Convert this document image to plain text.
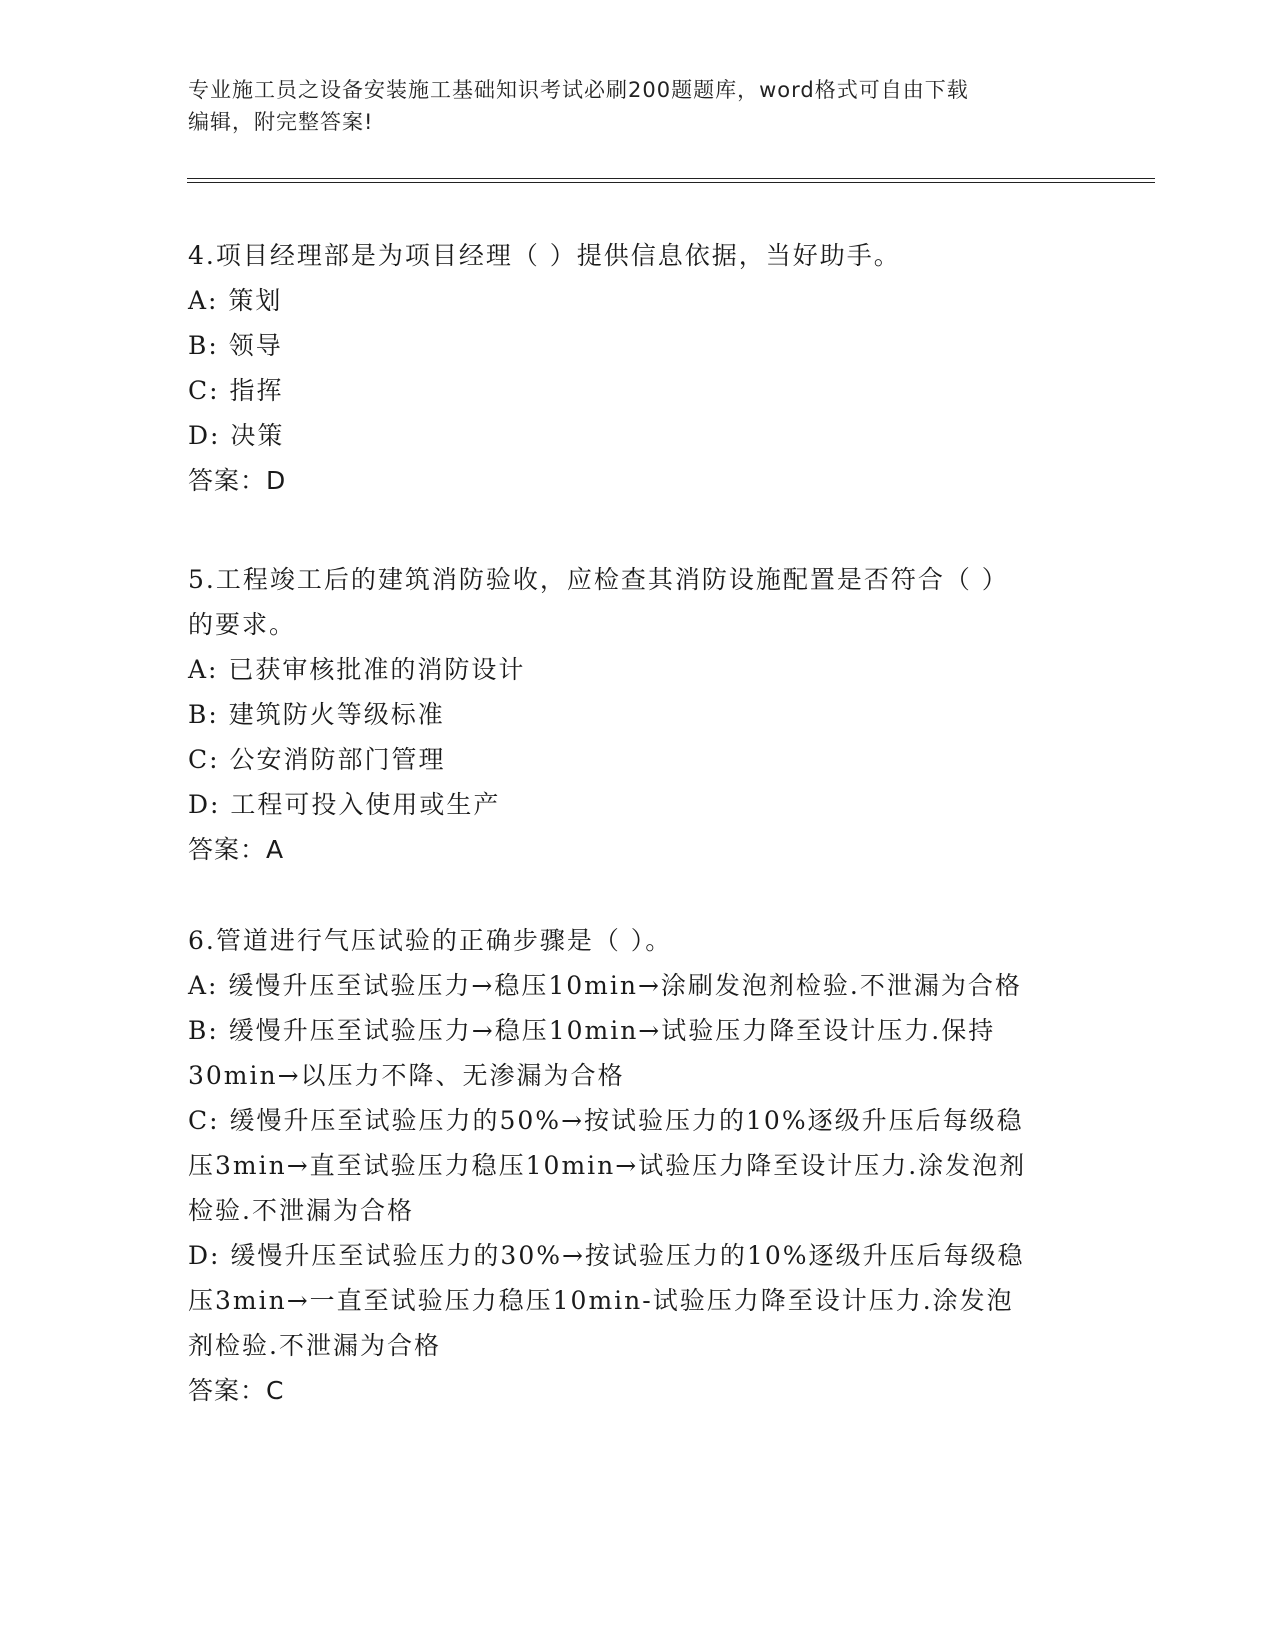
专业施工员之设备安装施工基础知识考试必刷200题题库，word格式可自由下载
编辑，附完整答案!
4.项目经理部是为项目经理（ ）提供信息依据，当好助手。
A: 策划
B: 领导
C: 指挥
D: 决策
答案：D
5.工程竣工后的建筑消防验收，应检查其消防设施配置是否符合（ ）
的要求。
A: 已获审核批准的消防设计
B: 建筑防火等级标准
C: 公安消防部门管理
D: 工程可投入使用或生产
答案：A
6.管道进行气压试验的正确步骤是（ ）。
A: 缓慢升压至试验压力→稳压10min→涂刷发泡剂检验.不泄漏为合格
B: 缓慢升压至试验压力→稳压10min→试验压力降至设计压力.保持
30min→以压力不降、无渗漏为合格
C: 缓慢升压至试验压力的50%→按试验压力的10%逐级升压后每级稳
压3min→直至试验压力稳压10min→试验压力降至设计压力.涂发泡剂
检验.不泄漏为合格
D: 缓慢升压至试验压力的30%→按试验压力的10%逐级升压后每级稳
压3min→一直至试验压力稳压10min-试验压力降至设计压力.涂发泡
剂检验.不泄漏为合格
答案：C
